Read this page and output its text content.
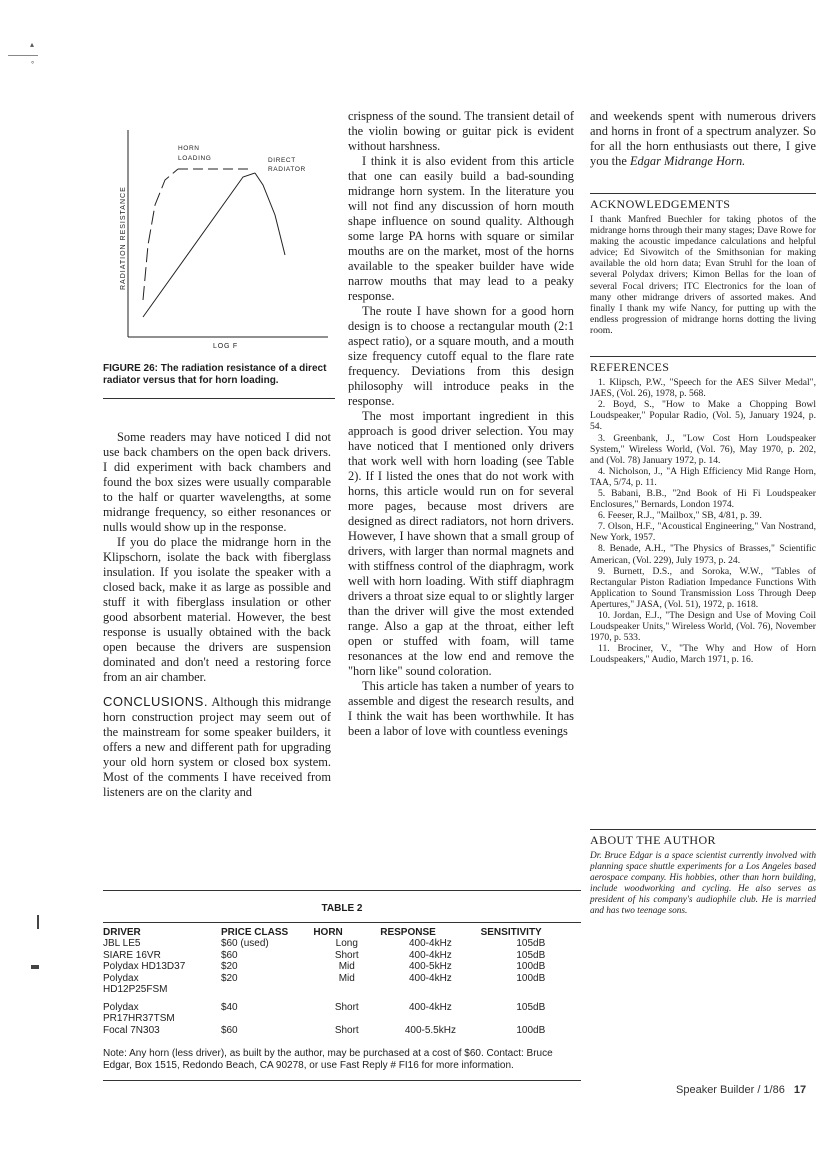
▴
°
HORN
LOADING	DIRECT
RADIATOR
RADIATION RESISTANCE
LOG F
FIGURE 26: The radiation resistance of a direct radiator versus that for horn loading.

Some readers may have noticed I did not use back chambers on the open back drivers. I did experiment with back chambers and found the box sizes were usually comparable to the half or quarter wavelengths, at some midrange frequency, so either resonances or nulls would show up in the response.

If you do place the midrange horn in the Klipschorn, isolate the back with fiberglass insulation. If you isolate the speaker with a closed back, make it as large as possible and stuff it with fiberglass insulation or other good absorbent material. However, the best response is usually obtained with the back open because the drivers are suspension dominated and don't need a restoring force from an air chamber.

CONCLUSIONS. Although this midrange horn construction project may seem out of the mainstream for some speaker builders, it offers a new and different path for upgrading your old horn system or closed box system. Most of the comments I have received from listeners are on the clarity and

crispness of the sound. The transient detail of the violin bowing or guitar pick is evident without harshness.

I think it is also evident from this article that one can easily build a bad-sounding midrange horn system. In the literature you will not find any discussion of horn mouth shape influence on sound quality. Although some large PA horns with square or similar mouths are on the market, most of the horns available to the speaker builder have wide narrow mouths that may lead to a peaky response.

The route I have shown for a good horn design is to choose a rectangular mouth (2:1 aspect ratio), or a square mouth, and a mouth size frequency cutoff equal to the flare rate frequency. Deviations from this design philosophy will introduce peaks in the response.

The most important ingredient in this approach is good driver selection. You may have noticed that I mentioned only drivers that work well with horn loading (see Table 2). If I listed the ones that do not work with horns, this article would run on for several more pages, because most drivers are designed as direct radiators, not horn drivers. However, I have shown that a small group of drivers, with larger than normal magnets and with stiffness control of the diaphragm, work well with horn loading. With stiff diaphragm drivers a throat size equal to or slightly larger than the driver will give the most extended range. Also a gap at the throat, either left open or stuffed with foam, will tame resonances at the low end and remove the "horn like" sound coloration.

This article has taken a number of years to assemble and digest the research results, and I think the wait has been worthwhile. It has been a labor of love with countless evenings

and weekends spent with numerous drivers and horns in front of a spectrum analyzer. So for all the horn enthusiasts out there, I give you the Edgar Midrange Horn.

ACKNOWLEDGEMENTS
I thank Manfred Buechler for taking photos of the midrange horns through their many stages; Dave Rowe for making the acoustic impedance calculations and helpful advice; Ed Sivowitch of the Smithsonian for making available the old horn data; Evan Struhl for the loan of several Polydax drivers; Kimon Bellas for the loan of several Focal drivers; ITC Electronics for the loan of many other midrange drivers of assorted makes. And finally I thank my wife Nancy, for putting up with the endless progression of midrange horns dotting the living room.
REFERENCES

1. Klipsch, P.W., "Speech for the AES Silver Medal", JAES, (Vol. 26), 1978, p. 568.

2. Boyd, S., "How to Make a Chopping Bowl Loudspeaker," Popular Radio, (Vol. 5), January 1924, p. 54.

3. Greenbank, J., "Low Cost Horn Loudspeaker System," Wireless World, (Vol. 76), May 1970, p. 202, and (Vol. 78) January 1972, p. 14.

4. Nicholson, J., "A High Efficiency Mid Range Horn, TAA, 5/74, p. 11.

5. Babani, B.B., "2nd Book of Hi Fi Loudspeaker Enclosures," Bernards, London 1974.

6. Feeser, R.J., "Mailbox," SB, 4/81, p. 39.

7. Olson, H.F., "Acoustical Engineering," Van Nostrand, New York, 1957.

8. Benade, A.H., "The Physics of Brasses," Scientific American, (Vol. 229), July 1973, p. 24.

9. Burnett, D.S., and Soroka, W.W., "Tables of Rectangular Piston Radiation Impedance Functions With Application to Sound Transmission Loss Through Deep Apertures," JASA, (Vol. 51), 1972, p. 1618.

10. Jordan, E.J., "The Design and Use of Moving Coil Loudspeaker Units," Wireless World, (Vol. 76), November 1970, p. 533.

11. Brociner, V., "The Why and How of Horn Loudspeakers," Audio, March 1971, p. 16.

ABOUT THE AUTHOR
Dr. Bruce Edgar is a space scientist currently involved with planning space shuttle experiments for a Los Angeles based aerospace company. His hobbies, other than horn building, include woodworking and cycling. He also serves as president of his company's audiophile club. He is married and has two teenage sons.
TABLE 2
DRIVER	PRICE CLASS	HORN	RESPONSE	SENSITIVITY
JBL LE5	$60 (used)	Long	400-4kHz	105dB
SIARE 16VR	$60	Short	400-4kHz	105dB
Polydax HD13D37	$20	Mid	400-5kHz	100dB
Polydax	$20	Mid	400-4kHz	100dB
HD12P25FSM				
Polydax	$40	Short	400-4kHz	105dB
PR17HR37TSM				
Focal 7N303	$60	Short	400-5.5kHz	100dB
Note: Any horn (less driver), as built by the author, may be purchased at a cost of $60. Contact: Bruce Edgar, Box 1515, Redondo Beach, CA 90278, or use Fast Reply # FI16 for more information.
Speaker Builder / 1/86 17
